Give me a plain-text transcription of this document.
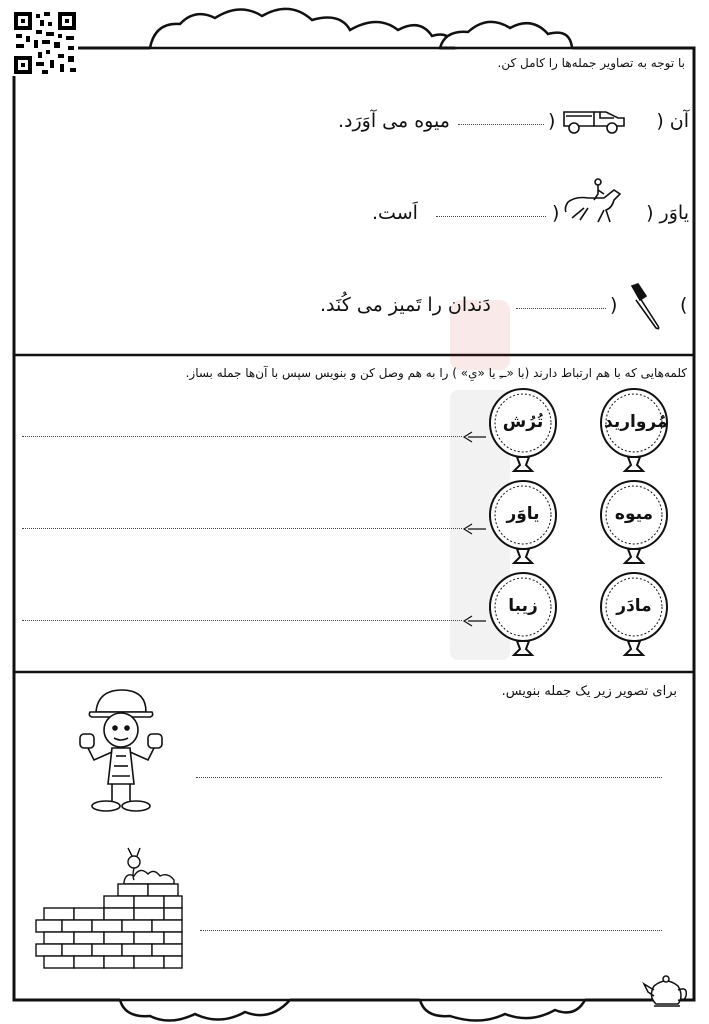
با توجه به تصاویر جمله‌ها را کامل کن.
آن (
)
میوه می آوَرَد.
یاوَر (
)
اَست.
(
)
دَندان را تَمیز می کُنَد.
کلمه‌هایی که با هم ارتباط دارند (با «ــِ یا «یِ» ) را به هم وصل کن و بنویس سپس با آن‌ها جمله بساز.
مُروارید
میوه
مادَر
تُرُش
یاوَر
زیبا
برای تصویر زیر یک جمله بنویس.
